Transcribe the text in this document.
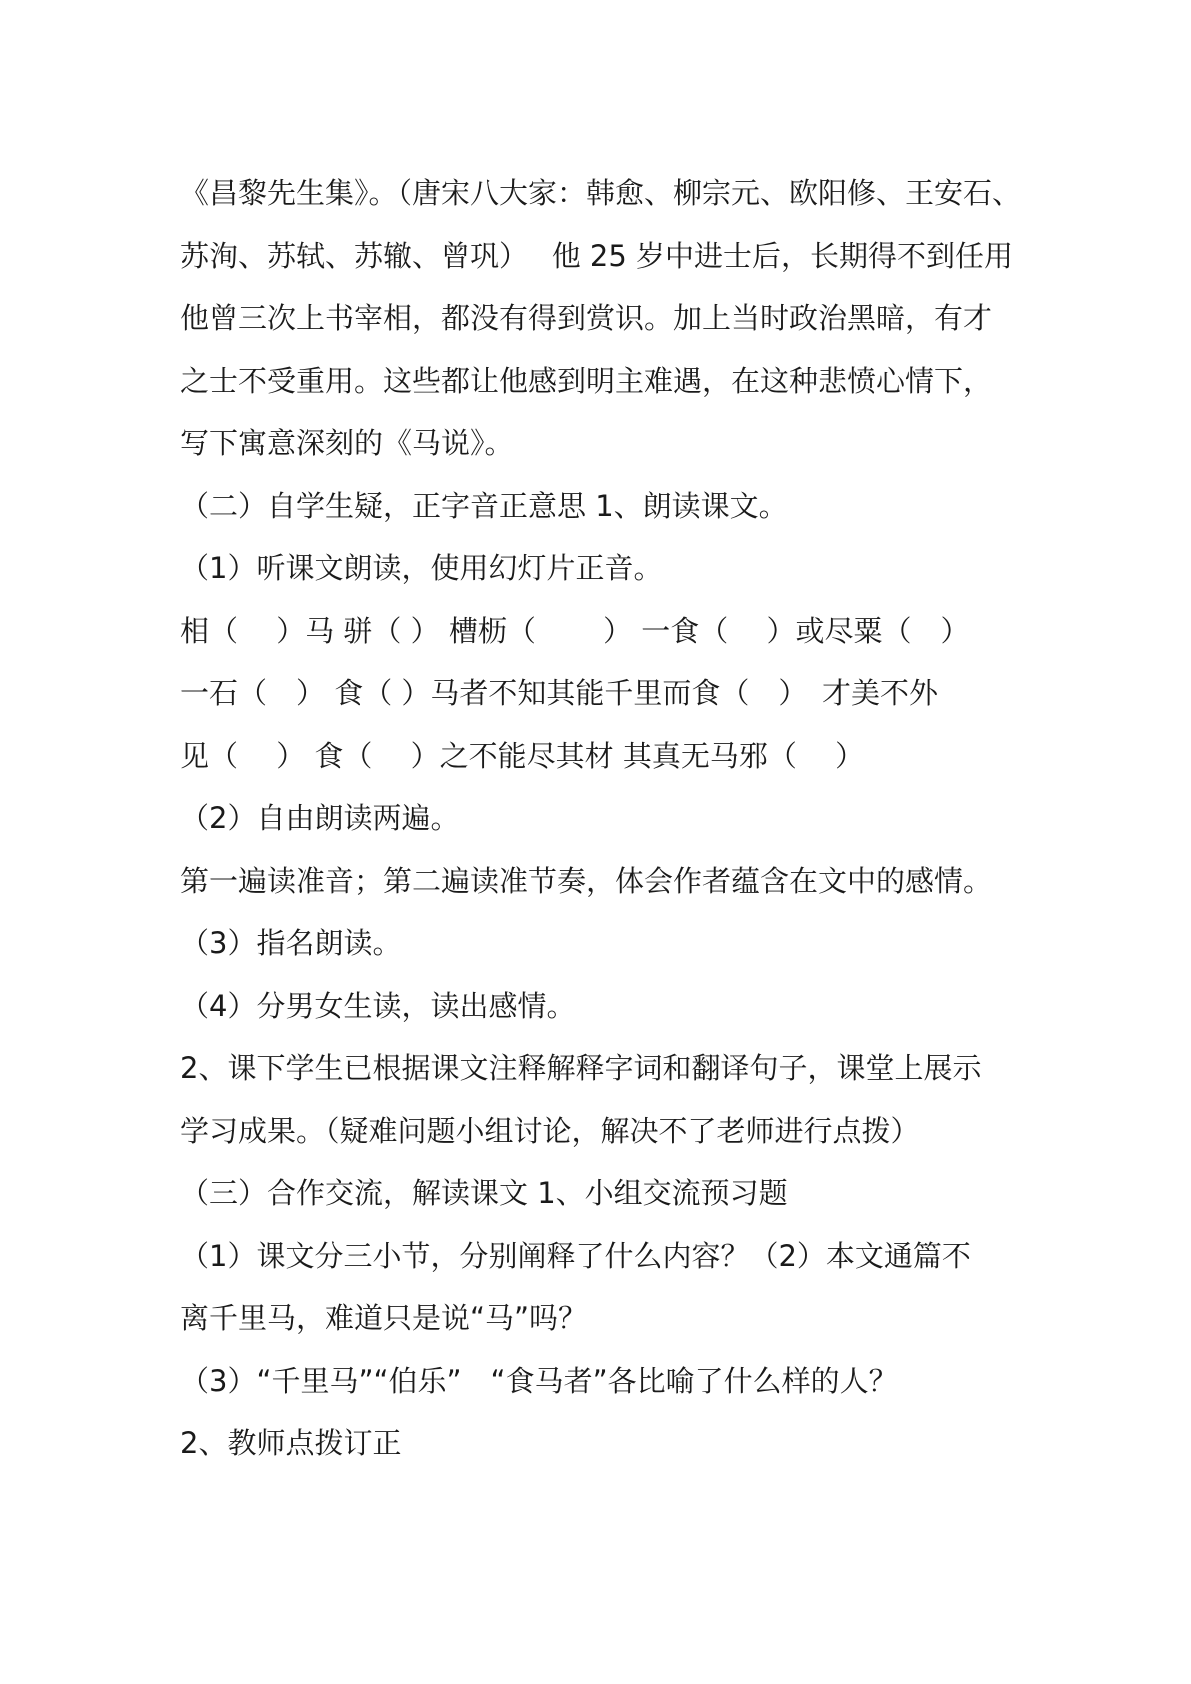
《昌黎先生集》。（唐宋八大家：韩愈、柳宗元、欧阳修、王安石、
苏洵、苏轼、苏辙、曾巩）　 他 25 岁中进士后，长期得不到任用
他曾三次上书宰相，都没有得到赏识。加上当时政治黑暗，有才
之士不受重用。这些都让他感到明主难遇，在这种悲愤心情下，
写下寓意深刻的《马说》。
（二）自学生疑，正字音正意思 1、朗读课文。
（1）听课文朗读，使用幻灯片正音。
相（　 ）马 骈（ ） 槽枥（　　 ） 一食（　 ）或尽粟（　）
一石（　） 食（ ）马者不知其能千里而食（　）　才美不外
见（　 ） 食（　 ）之不能尽其材 其真无马邪（　 ）
（2）自由朗读两遍。
第一遍读准音；第二遍读准节奏，体会作者蕴含在文中的感情。
（3）指名朗读。
（4）分男女生读，读出感情。
2、课下学生已根据课文注释解释字词和翻译句子，课堂上展示
学习成果。（疑难问题小组讨论，解决不了老师进行点拨）
（三）合作交流，解读课文 1、小组交流预习题
（1）课文分三小节，分别阐释了什么内容？（2）本文通篇不
离千里马，难道只是说“马”吗？
（3）“千里马”“伯乐”　“食马者”各比喻了什么样的人？
2、教师点拨订正
